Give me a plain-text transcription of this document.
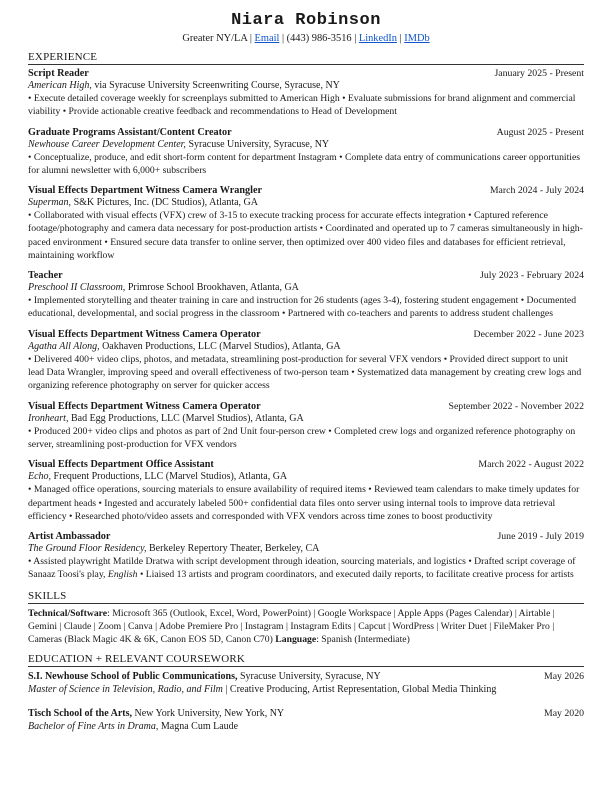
Niara Robinson
Greater NY/LA | Email | (443) 986-3516 | LinkedIn | IMDb
EXPERIENCE
Script Reader	January 2025 - Present
American High, via Syracuse University Screenwriting Course, Syracuse, NY
• Execute detailed coverage weekly for screenplays submitted to American High • Evaluate submissions for brand alignment and commercial viability • Provide actionable creative feedback and recommendations to Head of Development
Graduate Programs Assistant/Content Creator	August 2025 - Present
Newhouse Career Development Center, Syracuse University, Syracuse, NY
• Conceptualize, produce, and edit short-form content for department Instagram • Complete data entry of communications career opportunities for alumni newsletter with 6,000+ subscribers
Visual Effects Department Witness Camera Wrangler	March 2024 - July 2024
Superman, S&K Pictures, Inc. (DC Studios), Atlanta, GA
• Collaborated with visual effects (VFX) crew of 3-15 to execute tracking process for accurate effects integration • Captured reference footage/photography and camera data necessary for post-production artists • Coordinated and operated up to 7 cameras simultaneously in high-paced environment • Ensured secure data transfer to online server, then optimized over 400 video files and databases for efficient retrieval, maintaining workflow
Teacher	July 2023 - February 2024
Preschool II Classroom, Primrose School Brookhaven, Atlanta, GA
• Implemented storytelling and theater training in care and instruction for 26 students (ages 3-4), fostering student engagement • Documented educational, developmental, and social progress in the classroom • Partnered with co-teachers and parents to address student challenges
Visual Effects Department Witness Camera Operator	December 2022 - June 2023
Agatha All Along, Oakhaven Productions, LLC (Marvel Studios), Atlanta, GA
• Delivered 400+ video clips, photos, and metadata, streamlining post-production for several VFX vendors • Provided direct support to unit lead Data Wrangler, improving speed and overall effectiveness of two-person team • Systematized data management by creating crew logs and organizing reference photography on server for quicker access
Visual Effects Department Witness Camera Operator	September 2022 - November 2022
Ironheart, Bad Egg Productions, LLC (Marvel Studios), Atlanta, GA
• Produced 200+ video clips and photos as part of 2nd Unit four-person crew • Completed crew logs and organized reference photography on server, streamlining post-production for VFX vendors
Visual Effects Department Office Assistant	March 2022 - August 2022
Echo, Frequent Productions, LLC (Marvel Studios), Atlanta, GA
• Managed office operations, sourcing materials to ensure availability of required items • Reviewed team calendars to make timely updates for department heads • Ingested and accurately labeled 500+ confidential data files onto server using internal tools to improve data retrieval efficiency • Researched photo/video assets and corresponded with VFX vendors across time zones to boost productivity
Artist Ambassador	June 2019 - July 2019
The Ground Floor Residency, Berkeley Repertory Theater, Berkeley, CA
• Assisted playwright Matilde Dratwa with script development through ideation, sourcing materials, and logistics • Drafted script coverage of Sanaaz Toosi's play, English • Liaised 13 artists and program coordinators, and executed daily reports, to facilitate creative process for artists
SKILLS
Technical/Software: Microsoft 365 (Outlook, Excel, Word, PowerPoint) | Google Workspace | Apple Apps (Pages Calendar) | Airtable | Gemini | Claude | Zoom | Canva | Adobe Premiere Pro | Instagram | Instagram Edits | Capcut | WordPress | Writer Duet | FileMaker Pro | Cameras (Black Magic 4K & 6K, Canon EOS 5D, Canon C70) Language: Spanish (Intermediate)
EDUCATION + RELEVANT COURSEWORK
S.I. Newhouse School of Public Communications, Syracuse University, Syracuse, NY	May 2026
Master of Science in Television, Radio, and Film | Creative Producing, Artist Representation, Global Media Thinking
Tisch School of the Arts, New York University, New York, NY	May 2020
Bachelor of Fine Arts in Drama, Magna Cum Laude
